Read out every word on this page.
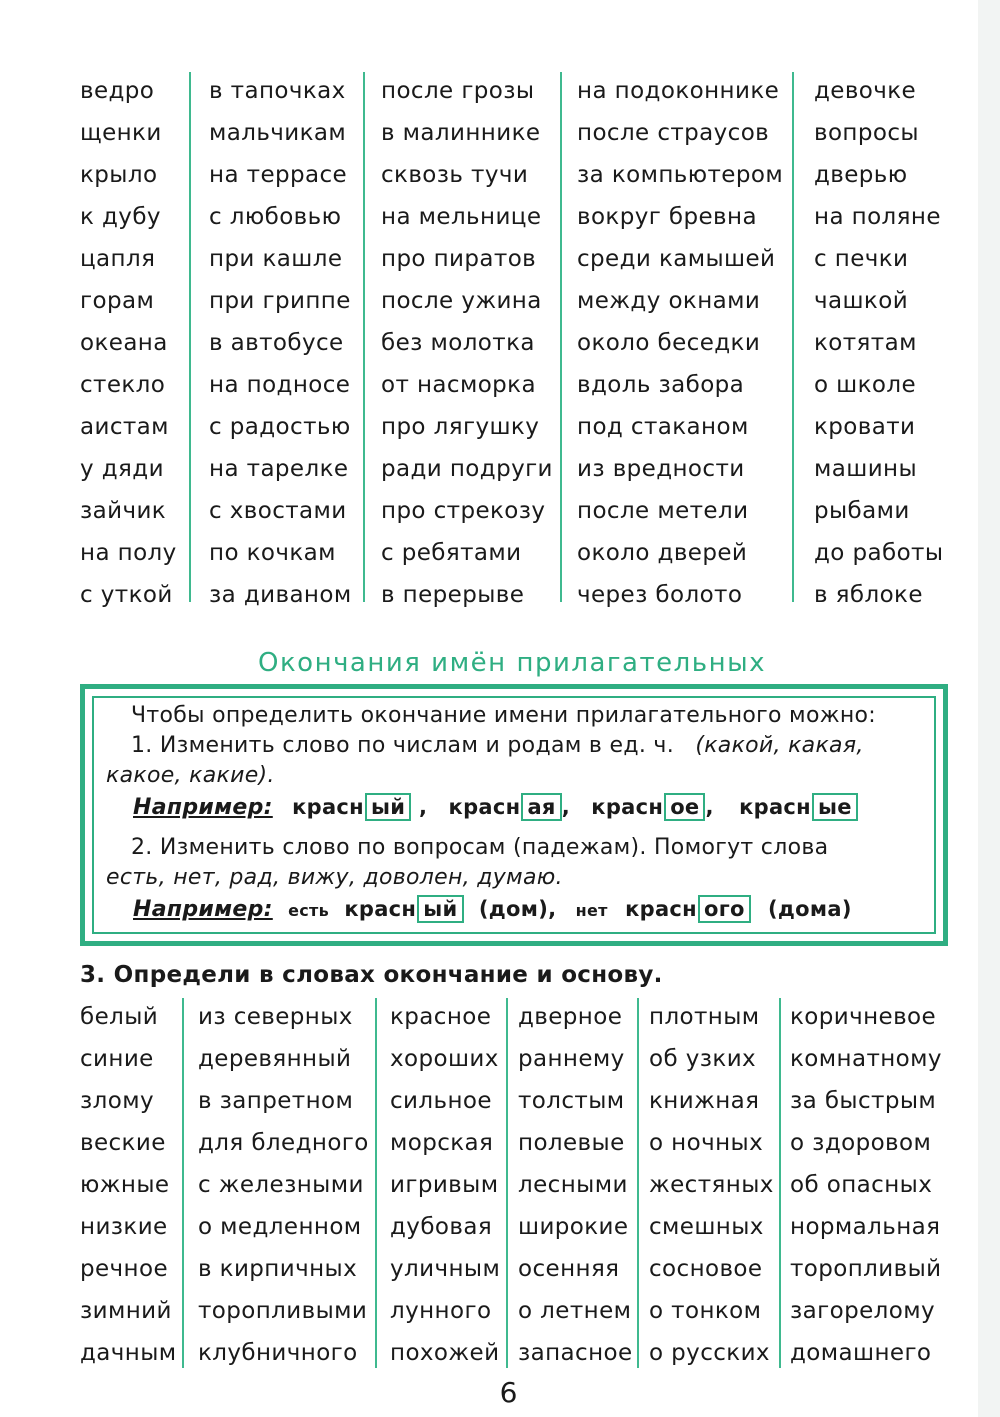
ведро
щенки
крыло
к дубу
цапля
горам
океана
стекло
аистам
у дяди
зайчик
на полу
с уткой
в тапочках
мальчикам
на террасе
с любовью
при кашле
при гриппе
в автобусе
на подносе
с радостью
на тарелке
с хвостами
по кочкам
за диваном
после грозы
в малиннике
сквозь тучи
на мельнице
про пиратов
после ужина
без молотка
от насморка
про лягушку
ради подруги
про стрекозу
с ребятами
в перерыве
на подоконнике
после страусов
за компьютером
вокруг бревна
среди камышей
между окнами
около беседки
вдоль забора
под стаканом
из вредности
после метели
около дверей
через болото
девочке
вопросы
дверью
на поляне
с печки
чашкой
котятам
о школе
кровати
машины
рыбами
до работы
в яблоке
Окончания имён прилагательных
Чтобы определить окончание имени прилагательного можно:
1. Изменить слово по числам и родам в ед. ч. (какой, какая,
какое, какие).
Например: красн ый , красн ая , красн ое , красн ые
2. Изменить слово по вопросам (падежам). Помогут слова
есть, нет, рад, вижу, доволен, думаю.
Например: есть красн ый (дом), нет красн ого (дома)
3. Определи в словах окончание и основу.
белый
синие
злому
веские
южные
низкие
речное
зимний
дачным
из северных
деревянный
в запретном
для бледного
с железными
о медленном
в кирпичных
торопливыми
клубничного
красное
хороших
сильное
морская
игривым
дубовая
уличным
лунного
похожей
дверное
раннему
толстым
полевые
лесными
широкие
осенняя
о летнем
запасное
плотным
об узких
книжная
о ночных
жестяных
смешных
сосновое
о тонком
о русских
коричневое
комнатному
за быстрым
о здоровом
об опасных
нормальная
торопливый
загорелому
домашнего
6
